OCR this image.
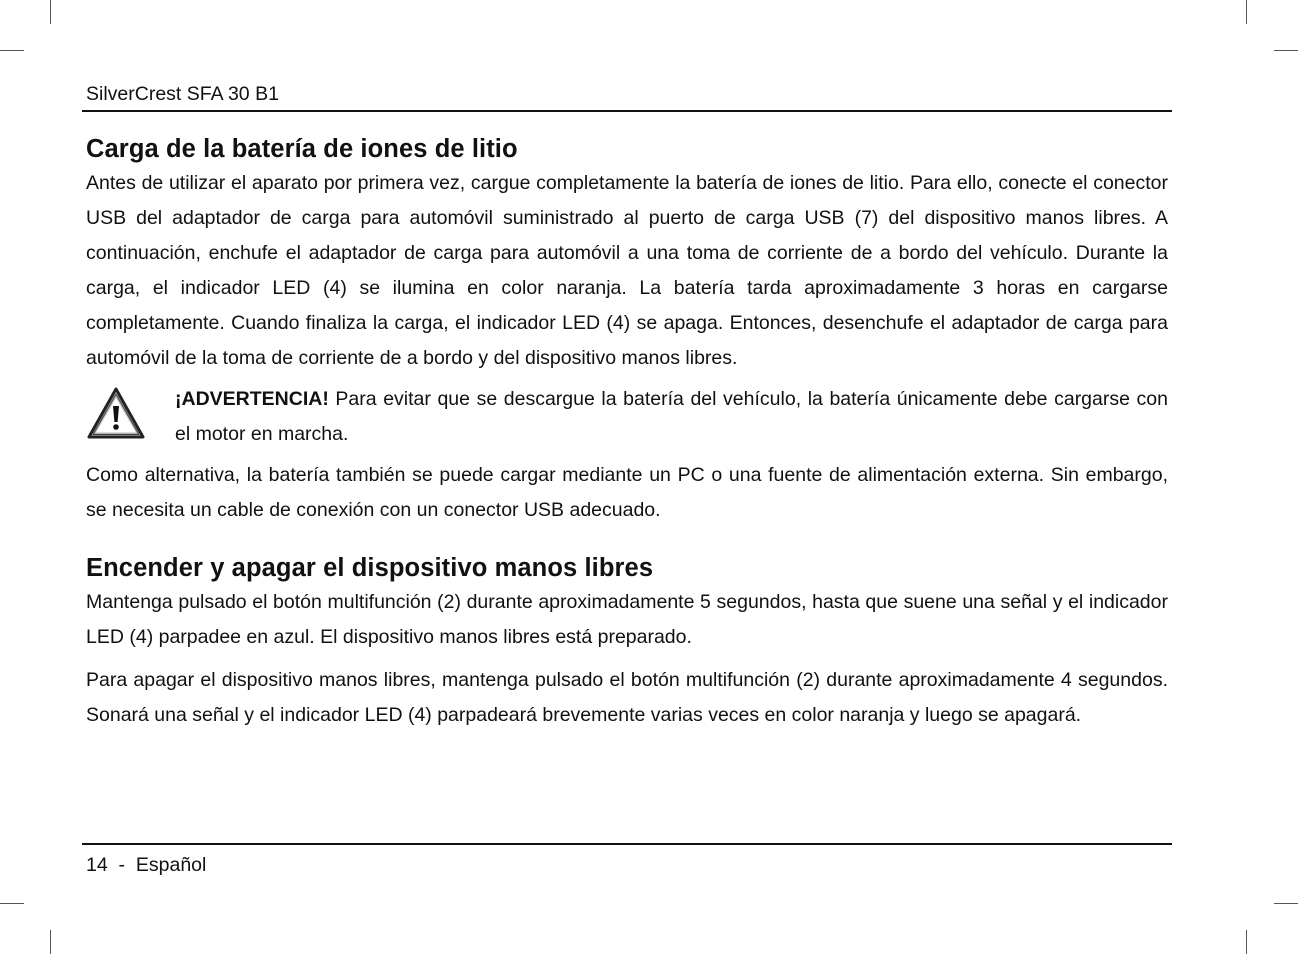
SilverCrest SFA 30 B1

Carga de la batería de iones de litio

Antes de utilizar el aparato por primera vez, cargue completamente la batería de iones de litio. Para ello, conecte el conector USB del adaptador de carga para automóvil suministrado al puerto de carga USB (7) del dispositivo manos libres. A continuación, enchufe el adaptador de carga para automóvil a una toma de corriente de a bordo del vehículo. Durante la carga, el indicador LED (4) se ilumina en color naranja. La batería tarda aproximadamente 3 horas en cargarse completamente. Cuando finaliza la carga, el indicador LED (4) se apaga. Entonces, desenchufe el adaptador de carga para automóvil de la toma de corriente de a bordo y del dispositivo manos libres.

¡ADVERTENCIA! Para evitar que se descargue la batería del vehículo, la batería únicamente debe cargarse con el motor en marcha.

Como alternativa, la batería también se puede cargar mediante un PC o una fuente de alimentación externa. Sin embargo, se necesita un cable de conexión con un conector USB adecuado.

Encender y apagar el dispositivo manos libres

Mantenga pulsado el botón multifunción (2) durante aproximadamente 5 segundos, hasta que suene una señal y el indicador LED (4) parpadee en azul. El dispositivo manos libres está preparado.

Para apagar el dispositivo manos libres, mantenga pulsado el botón multifunción (2) durante aproximadamente 4 segundos. Sonará una señal y el indicador LED (4) parpadeará brevemente varias veces en color naranja y luego se apagará.

14 - Español
